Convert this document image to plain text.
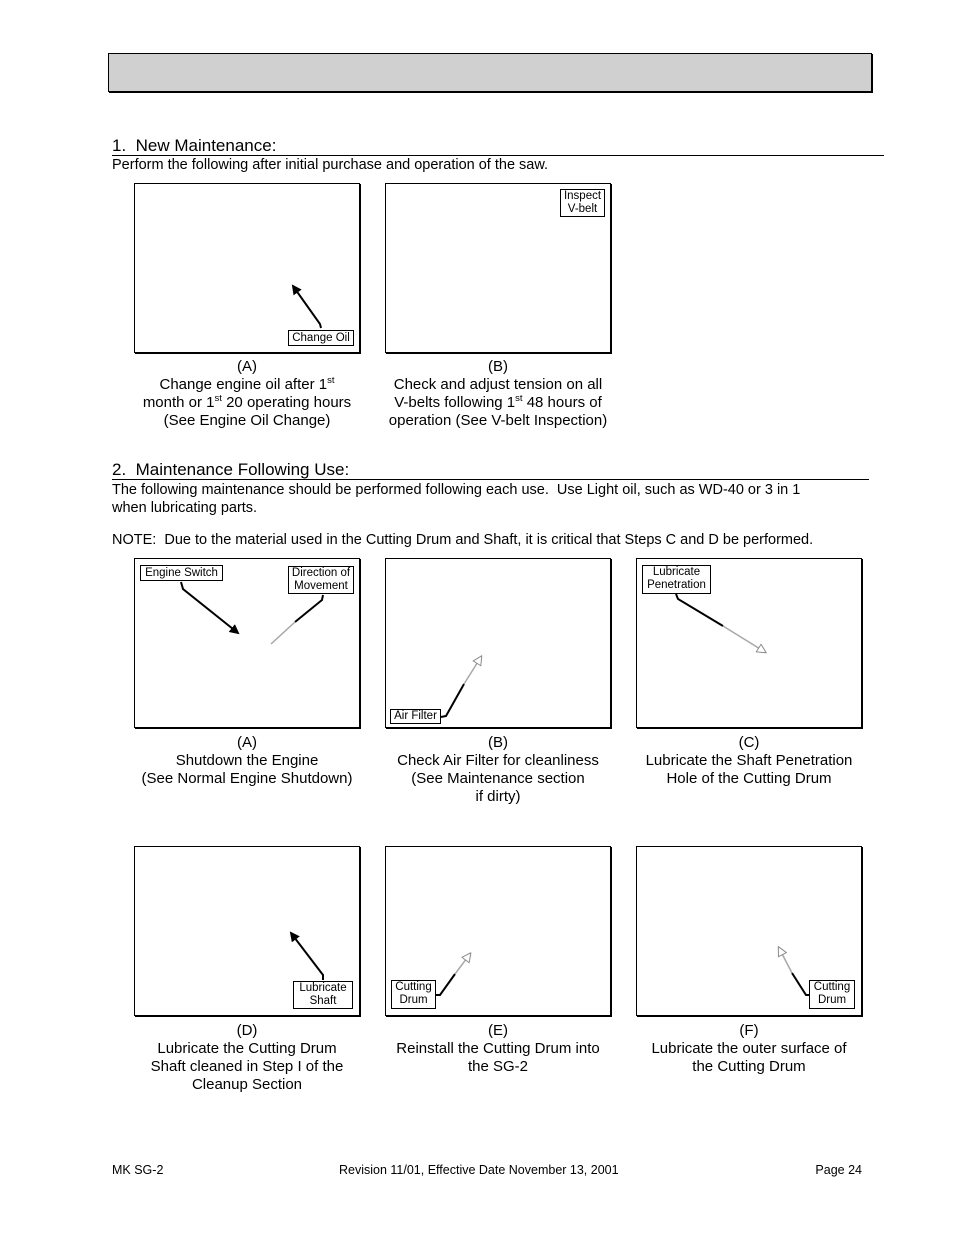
1.  New Maintenance:
Perform the following after initial purchase and operation of the saw.
Change Oil
Inspect
V-belt
(A)
Change engine oil after 1st
month or 1st 20 operating hours
(See Engine Oil Change)
(B)
Check and adjust tension on all
V-belts following 1st 48 hours of
operation (See V-belt Inspection)
2.  Maintenance Following Use:
The following maintenance should be performed following each use.  Use Light oil, such as WD-40 or 3 in 1
when lubricating parts.
NOTE:  Due to the material used in the Cutting Drum and Shaft, it is critical that Steps C and D be performed.
Engine Switch	Direction of
Movement
Air Filter
Lubricate
Penetration
Lubricate
Shaft
Cutting
Drum
Cutting
Drum
(A)
Shutdown the Engine
(See Normal Engine Shutdown)
(B)
Check Air Filter for cleanliness
(See Maintenance section
if dirty)
(C)
Lubricate the Shaft Penetration
Hole of the Cutting Drum
(D)
Lubricate the Cutting Drum
Shaft cleaned in Step I of the
Cleanup Section
(E)
Reinstall the Cutting Drum into
the SG-2
(F)
Lubricate the outer surface of
the Cutting Drum
MK SG-2	Revision 11/01, Effective Date November 13, 2001	Page 24
